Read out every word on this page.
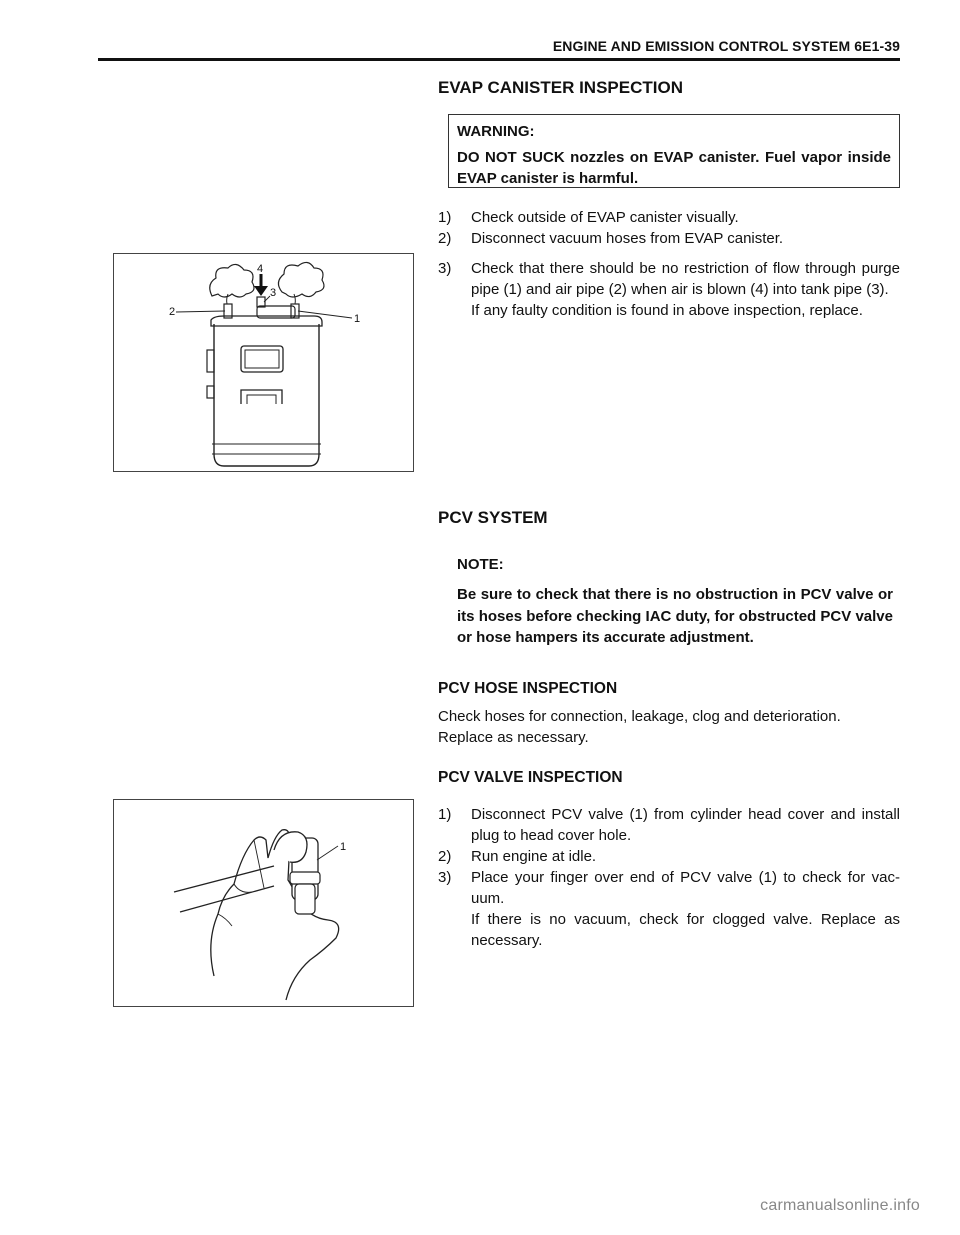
ENGINE AND EMISSION CONTROL SYSTEM 6E1-39
EVAP CANISTER INSPECTION
WARNING:
DO NOT SUCK nozzles on EVAP canister. Fuel vapor inside EVAP canister is harmful.
1) Check outside of EVAP canister visually.
2) Disconnect vacuum hoses from EVAP canister.
2
1
3
4	3) Check that there should be no restriction of flow through purge pipe (1) and air pipe (2) when air is blown (4) into tank pipe (3).
If any faulty condition is found in above inspection, replace.
PCV SYSTEM
NOTE:
Be sure to check that there is no obstruction in PCV valve or its hoses before checking IAC duty, for obstructed PCV valve or hose hampers its accurate adjustment.
PCV HOSE INSPECTION
Check hoses for connection, leakage, clog and deterioration.
Replace as necessary.
PCV VALVE INSPECTION
1
1) Disconnect PCV valve (1) from cylinder head cover and install plug to head cover hole.
2) Run engine at idle.
3) Place your finger over end of PCV valve (1) to check for vac-uum.
If there is no vacuum, check for clogged valve. Replace as necessary.
carmanualsonline.info
